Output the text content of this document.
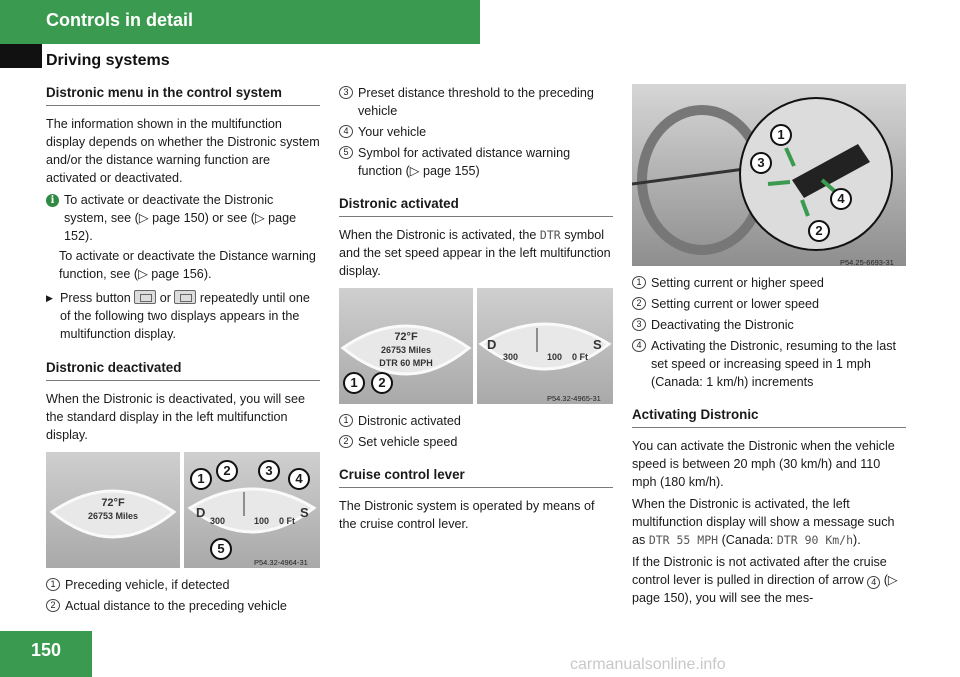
Controls in detail
Driving systems
Distronic menu in the control system
The information shown in the multifunction display depends on whether the Distronic system and/or the distance warning function are activated or deactivated.
i To activate or deactivate the Distronic system, see (▷ page 150) or see (▷ page 152).
To activate or deactivate the Distance warning function, see (▷ page 156).
▶ Press button or repeatedly until one of the following two displays appears in the multifunction display.
Distronic deactivated
When the Distronic is deactivated, you will see the standard display in the left multifunction display.
72°F
26753 Miles	D
300	100 0 Ft
S
1
2	3
4
5
P54.32-4964-31
1 Preceding vehicle, if detected
2 Actual distance to the preceding vehicle
3 Preset distance threshold to the preceding vehicle
4 Your vehicle
5 Symbol for activated distance warning function (▷ page 155)
Distronic activated
When the Distronic is activated, the DTR symbol and the set speed appear in the left multifunction display.
72°F
26753 Miles
DTR 60 MPH
1	2
D
300	100 0 Ft
S
P54.32-4965-31
1 Distronic activated
2 Set vehicle speed
Cruise control lever
The Distronic system is operated by means of the cruise control lever.
1
3
4
2
P54.25-6693-31
1 Setting current or higher speed
2 Setting current or lower speed
3 Deactivating the Distronic
4 Activating the Distronic, resuming to the last set speed or increasing speed in 1 mph (Canada: 1 km/h) increments
Activating Distronic
You can activate the Distronic when the vehicle speed is between 20 mph (30 km/h) and 110 mph (180 km/h).
When the Distronic is activated, the left multifunction display will show a message such as DTR 55 MPH (Canada: DTR 90 Km/h).
If the Distronic is not activated after the cruise control lever is pulled in direction of arrow 4 (▷ page 150), you will see the mes-
150
carmanualsonline.info
